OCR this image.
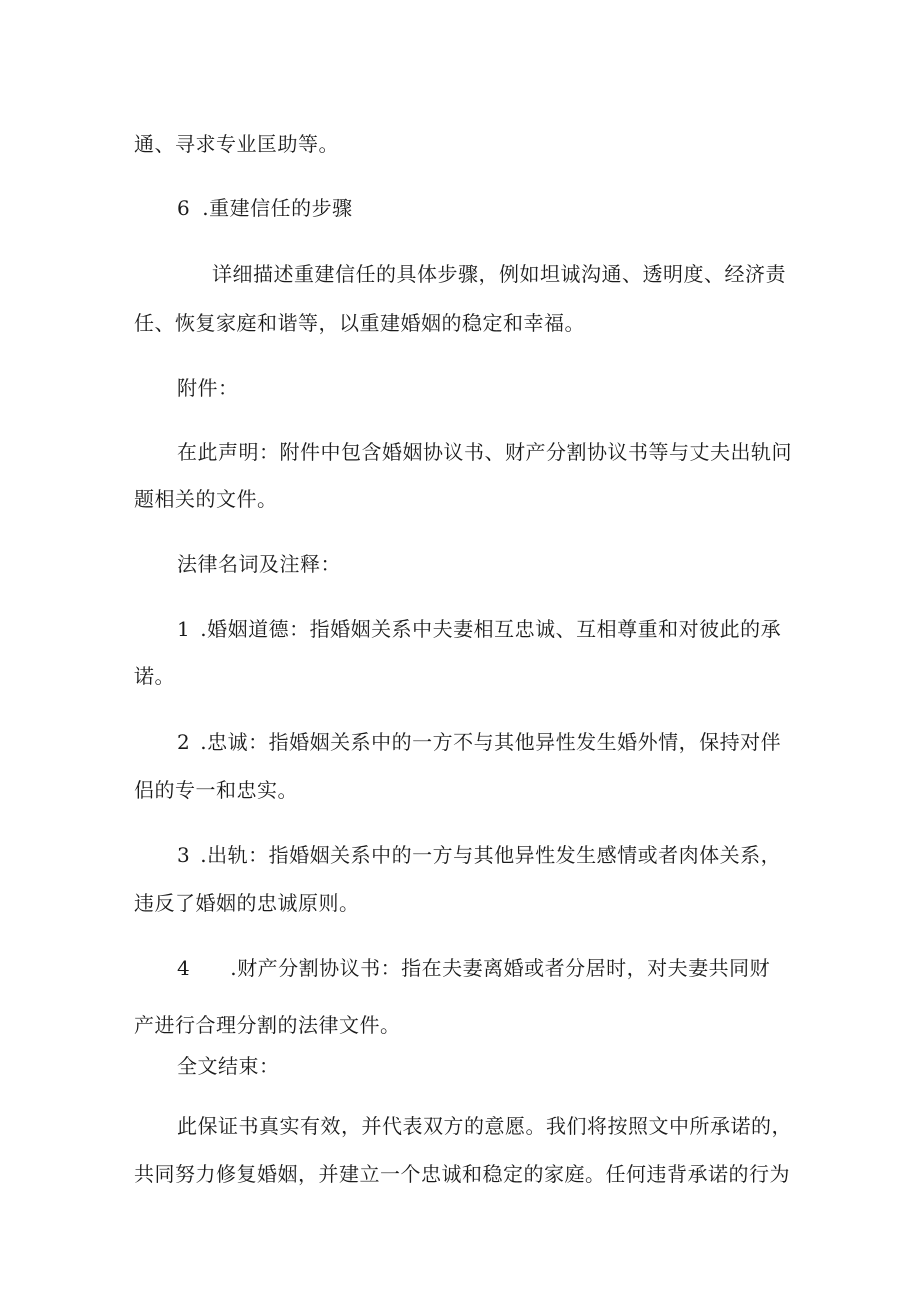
通、寻求专业匡助等。
6 .重建信任的步骤
详细描述重建信任的具体步骤，例如坦诚沟通、透明度、经济责
任、恢复家庭和谐等，以重建婚姻的稳定和幸福。
附件：
在此声明：附件中包含婚姻协议书、财产分割协议书等与丈夫出轨问
题相关的文件。
法律名词及注释：
1 .婚姻道德：指婚姻关系中夫妻相互忠诚、互相尊重和对彼此的承
诺。
2 .忠诚：指婚姻关系中的一方不与其他异性发生婚外情，保持对伴
侣的专一和忠实。
3 .出轨：指婚姻关系中的一方与其他异性发生感情或者肉体关系，
违反了婚姻的忠诚原则。
4 .财产分割协议书：指在夫妻离婚或者分居时，对夫妻共同财
产进行合理分割的法律文件。
全文结束：
此保证书真实有效，并代表双方的意愿。我们将按照文中所承诺的，
共同努力修复婚姻，并建立一个忠诚和稳定的家庭。任何违背承诺的行为
